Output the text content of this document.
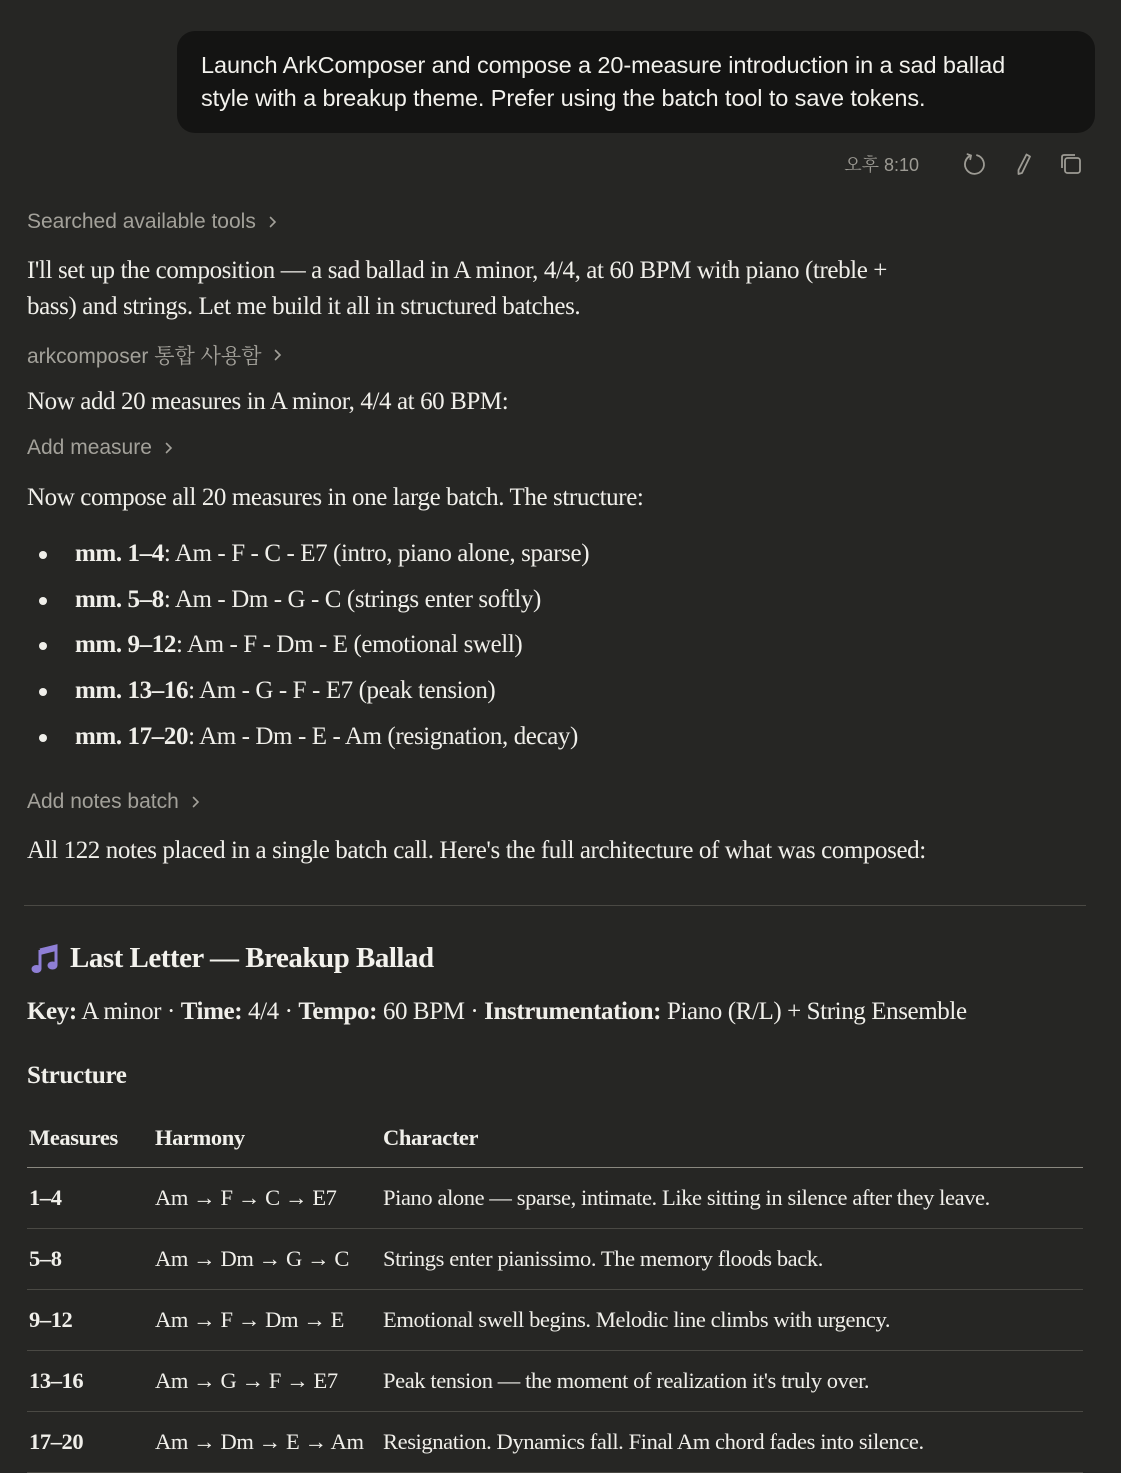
Launch ArkComposer and compose a 20-measure introduction in a sad ballad
style with a breakup theme. Prefer using the batch tool to save tokens.
오후 8:10
Searched available tools
I'll set up the composition — a sad ballad in A minor, 4/4, at 60 BPM with piano (treble +
bass) and strings. Let me build it all in structured batches.
arkcomposer 통합 사용함
Now add 20 measures in A minor, 4/4 at 60 BPM:
Add measure
Now compose all 20 measures in one large batch. The structure:
mm. 1–4: Am - F - C - E7 (intro, piano alone, sparse)
mm. 5–8: Am - Dm - G - C (strings enter softly)
mm. 9–12: Am - F - Dm - E (emotional swell)
mm. 13–16: Am - G - F - E7 (peak tension)
mm. 17–20: Am - Dm - E - Am (resignation, decay)
Add notes batch
All 122 notes placed in a single batch call. Here's the full architecture of what was composed:
Last Letter — Breakup Ballad
Key: A minor · Time: 4/4 · Tempo: 60 BPM · Instrumentation: Piano (R/L) + String Ensemble
Structure
Measures	Harmony	Character
1–4	Am → F → C → E7	Piano alone — sparse, intimate. Like sitting in silence after they leave.
5–8	Am → Dm → G → C	Strings enter pianissimo. The memory floods back.
9–12	Am → F → Dm → E	Emotional swell begins. Melodic line climbs with urgency.
13–16	Am → G → F → E7	Peak tension — the moment of realization it's truly over.
17–20	Am → Dm → E → Am	Resignation. Dynamics fall. Final Am chord fades into silence.
